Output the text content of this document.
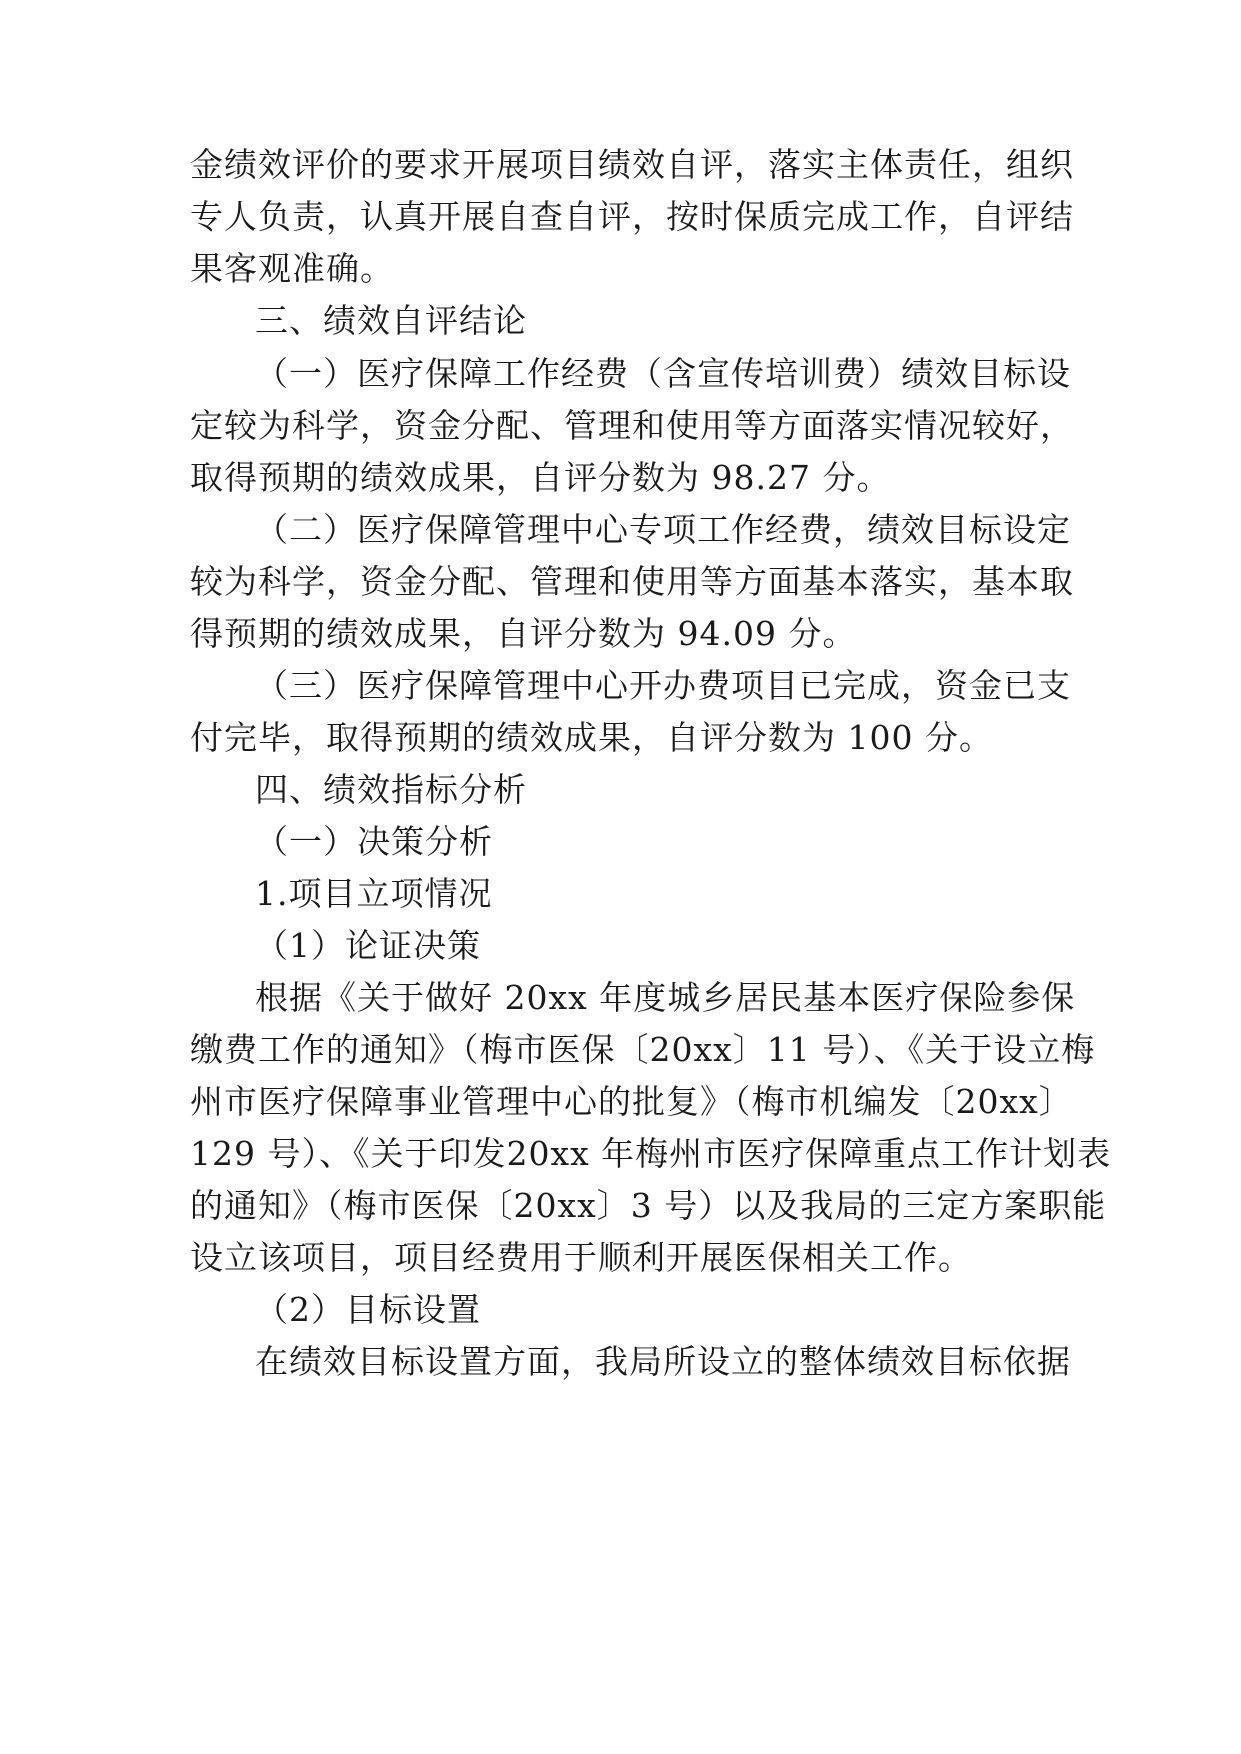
金绩效评价的要求开展项目绩效自评，落实主体责任，组织
专人负责，认真开展自查自评，按时保质完成工作，自评结
果客观准确。
三、绩效自评结论
（一）医疗保障工作经费（含宣传培训费）绩效目标设
定较为科学，资金分配、管理和使用等方面落实情况较好，
取得预期的绩效成果，自评分数为 98.27 分。
（二）医疗保障管理中心专项工作经费，绩效目标设定
较为科学，资金分配、管理和使用等方面基本落实，基本取
得预期的绩效成果，自评分数为 94.09 分。
（三）医疗保障管理中心开办费项目已完成，资金已支
付完毕，取得预期的绩效成果，自评分数为 100 分。
四、绩效指标分析
（一）决策分析
1.项目立项情况
（1）论证决策
根据《关于做好 20xx 年度城乡居民基本医疗保险参保
缴费工作的通知》（梅市医保〔20xx〕11 号）、《关于设立梅
州市医疗保障事业管理中心的批复》（梅市机编发〔20xx〕
129 号）、《关于印发20xx 年梅州市医疗保障重点工作计划表
的通知》（梅市医保〔20xx〕3 号）以及我局的三定方案职能
设立该项目，项目经费用于顺利开展医保相关工作。
（2）目标设置
在绩效目标设置方面，我局所设立的整体绩效目标依据
